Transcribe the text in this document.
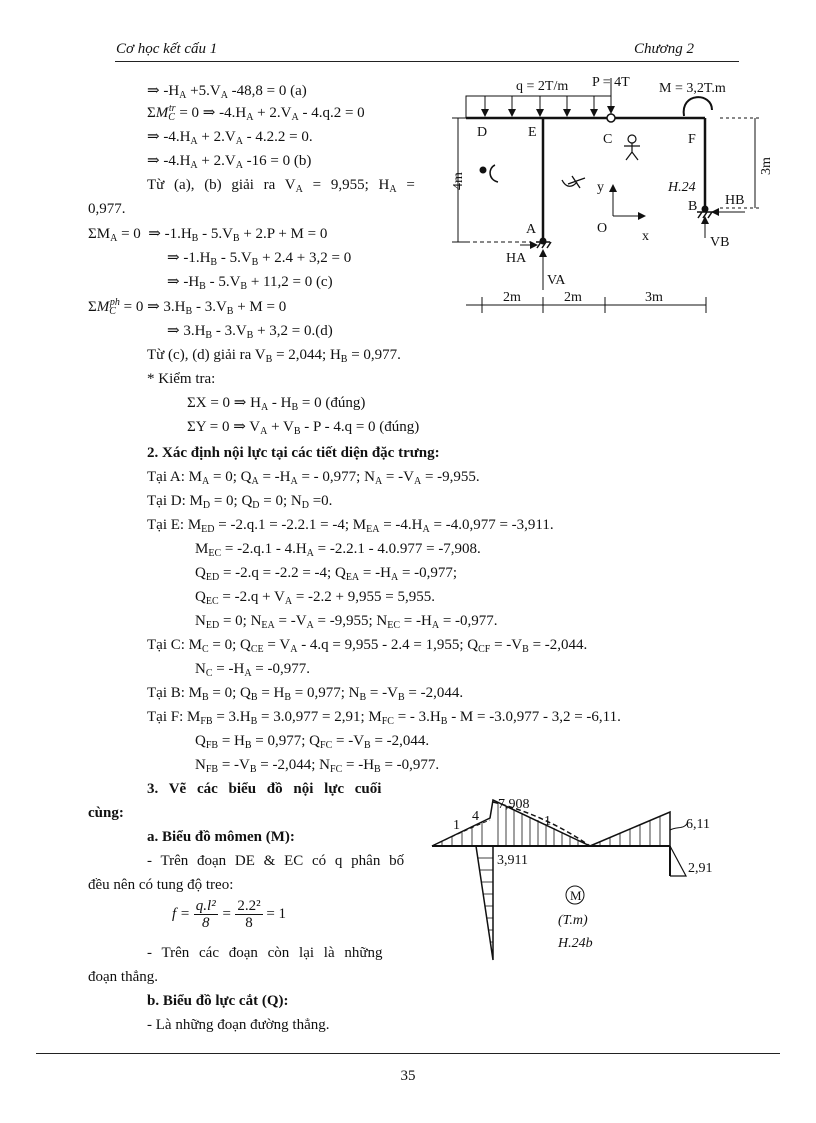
Cơ học kết cấu 1	Chương 2
⇒ $-H_A +5.V_A$ -48,8 = 0 (a)
$\Sigma M_C^{tr} = 0$ ⇒ $-4.H_A + 2.V_A - 4.q.2 = 0$
⇒ $-4.H_A + 2.V_A - 4.2.2 = 0$.
⇒ $-4.H_A + 2.V_A$ -16 = 0 (b)
Từ (a), (b) giải ra $V_A = 9,955$; $H_A$ =
0,977.
$\Sigma M_A = 0$  ⇒ $-1.H_B - 5.V_B + 2.P + M = 0$
⇒ $-1.H_B - 5.V_B + 2.4 + 3,2 = 0$
⇒ $-H_B - 5.V_B + 11,2 = 0$ (c)
$\Sigma M_C^{ph} = 0$ ⇒ $3.H_B - 3.V_B + M = 0$
⇒ $3.H_B - 3.V_B + 3,2 = 0.(d)$
Từ (c), (d) giải ra $V_B = 2,044$; $H_B = 0,977$.
* Kiểm tra:
ΣX = 0 ⇒ $H_A - H_B = 0$ (đúng)
ΣY = 0 ⇒ $V_A + V_B - P - 4.q = 0$ (đúng)
2. Xác định nội lực tại các tiết diện đặc trưng:
Tại A: $M_A = 0$; $Q_A = -H_A$ = - 0,977; $N_A = -V_A = -9,955$.
Tại D: $M_D = 0$; $Q_D = 0$; $N_D =0$.
Tại E: $M_{ED} = -2.q.1 = -2.2.1 = -4$; $M_{EA} = -4.H_A = -4.0,977 = -3,911$.
$M_{EC} = -2.q.1 - 4.H_A = -2.2.1 - 4.0.977 = -7,908$.
$Q_{ED} = -2.q = -2.2 = -4$; $Q_{EA} = -H_A = -0,977$;
$Q_{EC} = -2.q + V_A = -2.2 + 9,955 = 5,955$.
$N_{ED} = 0$; $N_{EA} = -V_A = -9,955$; $N_{EC} = -H_A = -0,977$.
Tại C: $M_C = 0$; $Q_{CE} = V_A - 4.q = 9,955 - 2.4 = 1,955$; $Q_{CF} = -V_B = -2,044$.
$N_C = -H_A = -0,977$.
Tại B: $M_B = 0$; $Q_B = H_B = 0,977$; $N_B = -V_B = -2,044$.
Tại F: $M_{FB} = 3.H_B = 3.0,977 = 2,91$; $M_{FC}$ = - $3.H_B - M = -3.0,977 - 3,2 = -6,11$.
$Q_{FB} = H_B = 0,977$; $Q_{FC} = -V_B = -2,044$.
$N_{FB} = -V_B = -2,044$; $N_{FC} = -H_B = -0,977$.
3. Vẽ các biểu đồ nội lực cuối
cùng:
a. Biểu đồ mômen (M):
- Trên đoạn DE & EC có q phân bố
đều nên có tung độ treo:
$f = \frac{\text{q.l²}}{8} = \frac{\text{2.2²}}{8} = 1$
- Trên các đoạn còn lại là những
đoạn thẳng.
b. Biểu đồ lực cắt (Q):
- Là những đoạn đường thẳng.
35
q = 2T/m P = 4T M = 3,2T.m
D	E	C	F
A
B
O
x
y
4m
3m
HA
VA
HB
VB
2m	2m	3m
H.24
7,908
4
1	1	6,11
3,911
2,91
M
(T.m)
H.24b
